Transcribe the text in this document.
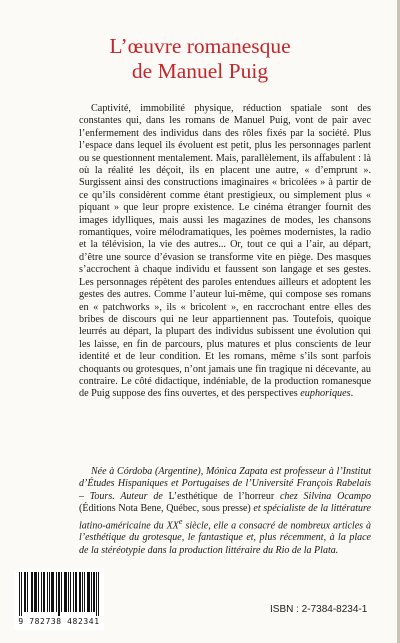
L’œuvre romanesque
de Manuel Puig

Captivité, immobilité physique, réduction spatiale sont des constantes qui, dans les romans de Manuel Puig, vont de pair avec l’enfermement des individus dans des rôles fixés par la société. Plus l’espace dans lequel ils évoluent est petit, plus les personnages parlent ou se questionnent mentalement. Mais, parallèlement, ils affabulent : là où la réalité les déçoit, ils en placent une autre, « d’emprunt ». Surgissent ainsi des constructions imaginaires « bricolées » à partir de ce qu’ils considèrent comme étant prestigieux, ou simplement plus « piquant » que leur propre existence. Le cinéma étranger fournit des images idylliques, mais aussi les magazines de modes, les chansons romantiques, voire mélodramatiques, les poèmes modernistes, la radio et la télévision, la vie des autres... Or, tout ce qui a l’air, au départ, d’être une source d’évasion se transforme vite en piège. Des masques s’accrochent à chaque individu et faussent son langage et ses gestes. Les personnages répètent des paroles entendues ailleurs et adoptent les gestes des autres. Comme l’auteur lui-même, qui compose ses romans en « patchworks », ils « bricolent », en raccrochant entre elles des bribes de discours qui ne leur appartiennent pas. Toutefois, quoique leurrés au départ, la plupart des individus subissent une évolution qui les laisse, en fin de parcours, plus matures et plus conscients de leur identité et de leur condition. Et les romans, même s’ils sont parfois choquants ou grotesques, n’ont jamais une fin tragique ni décevante, au contraire. Le côté didactique, indéniable, de la production romanesque de Puig suppose des fins ouvertes, et des perspectives euphoriques.

Née à Córdoba (Argentine), Mónica Zapata est professeur à l’Institut d’Études Hispaniques et Portugaises de l’Université François Rabelais – Tours. Auteur de L’esthétique de l’horreur chez Silvina Ocampo (Éditions Nota Bene, Québec, sous presse) et spécialiste de la littérature latino-américaine du XXe siècle, elle a consacré de nombreux articles à l’esthétique du grotesque, le fantastique et, plus récemment, à la place de la stéréotypie dans la production littéraire du Rio de la Plata.

9 782738 482341
ISBN : 2-7384-8234-1
